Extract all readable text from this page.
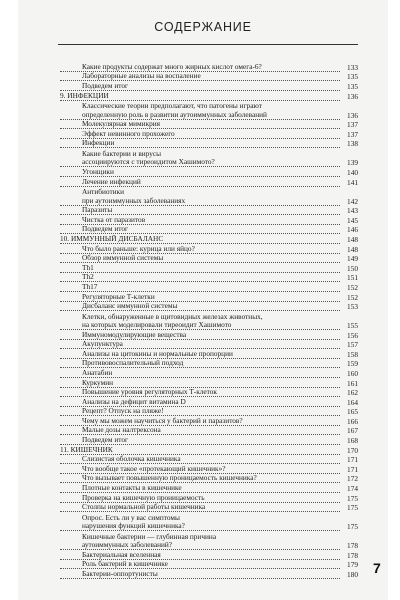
СОДЕРЖАНИЕ
Какие продукты содержат много жирных кислот омега-6?	133
Лабораторные анализы на воспаление	135
Подведем итог	135
9. ИНФЕКЦИИ	136
Классические теории предполагают, что патогены играют
определенную роль в развитии аутоиммунных заболеваний	136
Молекулярная мимикрия	137
Эффект невинного прохожего	137
Инфекции	138
Какие бактерии и вирусы
ассоциируются с тиреоидитом Хашимото?	139
Угонщики	140
Лечение инфекций	141
Антибиотики
при аутоиммунных заболеваниях	142
Паразиты	143
Чистка от паразитов	145
Подведем итог	146
10. ИММУННЫЙ ДИСБАЛАНС	148
Что было раньше: курица или яйцо?	148
Обзор иммунной системы	149
Th1	150
Th2	151
Th17	152
Регуляторные Т-клетки	152
Дисбаланс иммунной системы	153
Клетки, обнаруженные в щитовидных железах животных,
на которых моделировали тиреоидит Хашимото	155
Иммуномодулирующие вещества	156
Акупунктура	157
Анализы на цитокины и нормальные пропорции	158
Противовоспалительный подход	159
Анатабин	160
Куркумин	161
Повышение уровня регуляторных Т-клеток	162
Анализы на дефицит витамина D	164
Рецепт? Отпуск на пляже!	165
Чему мы можем научиться у бактерий и паразитов?	166
Малые дозы налтрексона	167
Подведем итог	168
11. КИШЕЧНИК	170
Слизистая оболочка кишечника	171
Что вообще такое «протекающий кишечник»?	171
Что вызывает повышенную проницаемость кишечника?	172
Плотные контакты в кишечнике	174
Проверка на кишечную проницаемость	175
Столпы нормальной работы кишечника	175
Опрос. Есть ли у вас симптомы
нарушения функций кишечника?	175
Кишечные бактерии — глубинная причина
аутоиммунных заболеваний?	178
Бактериальная вселенная	178
Роль бактерий в кишечнике	179
Бактерии-оппортунисты	180 7
